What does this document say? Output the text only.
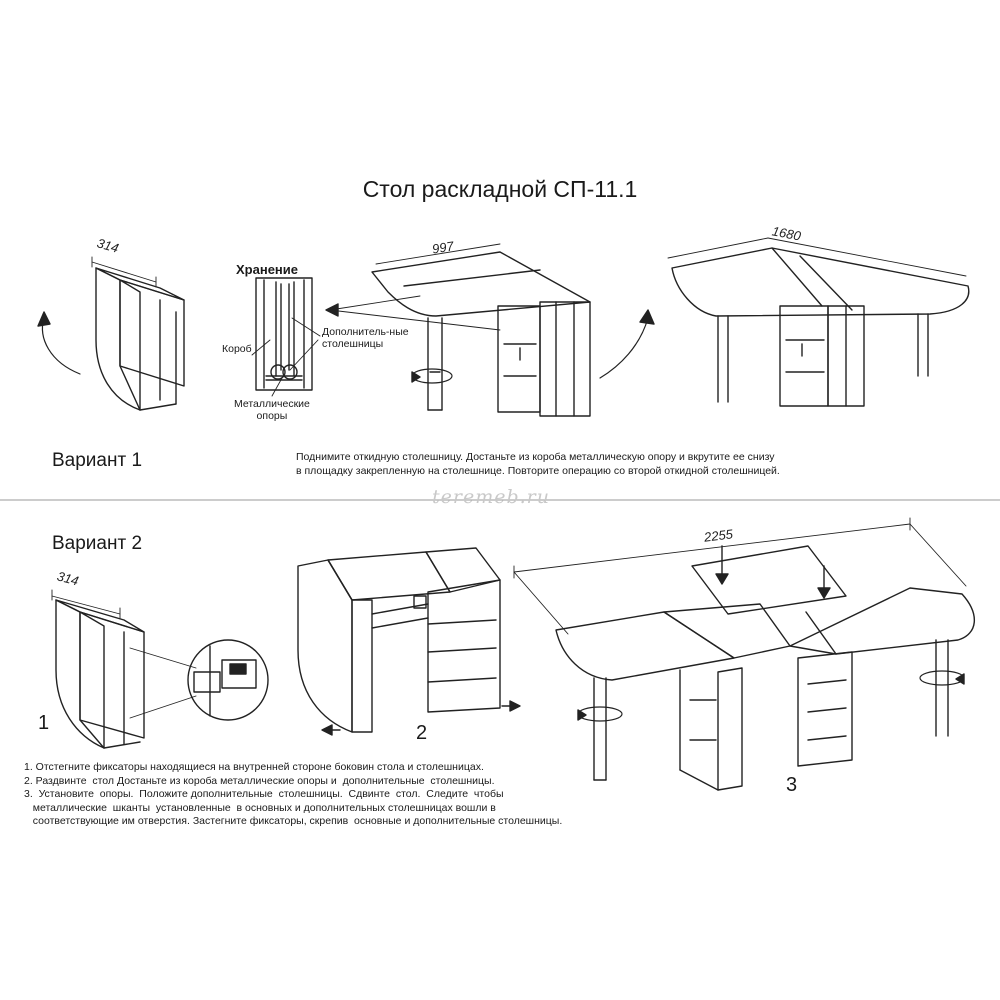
Стол раскладной СП-11.1
314
Хранение
Короб
Дополнитель-ные
столешницы
Металлические
опоры
997
1680
Вариант 1	Поднимите откидную столешницу. Достаньте из короба металлическую опору и вкрутите ее снизу
в площадку закрепленную на столешнице. Повторите операцию со второй откидной столешницей.
teremeb.ru
Вариант 2
314
2255
1	2
3
1. Отстегните фиксаторы находящиеся на внутренней стороне боковин стола и столешницах.
2. Раздвинте  стол Достаньте из короба металлические опоры и  дополнительные  столешницы.
3.  Установите  опоры.  Положите дополнительные  столешницы.  Сдвинте  стол.  Следите  чтобы
металлические  шканты  установленные  в основных и дополнительных столешницах вошли в
соответствующие им отверстия. Застегните фиксаторы, скрепив  основные и дополнительные столешницы.
